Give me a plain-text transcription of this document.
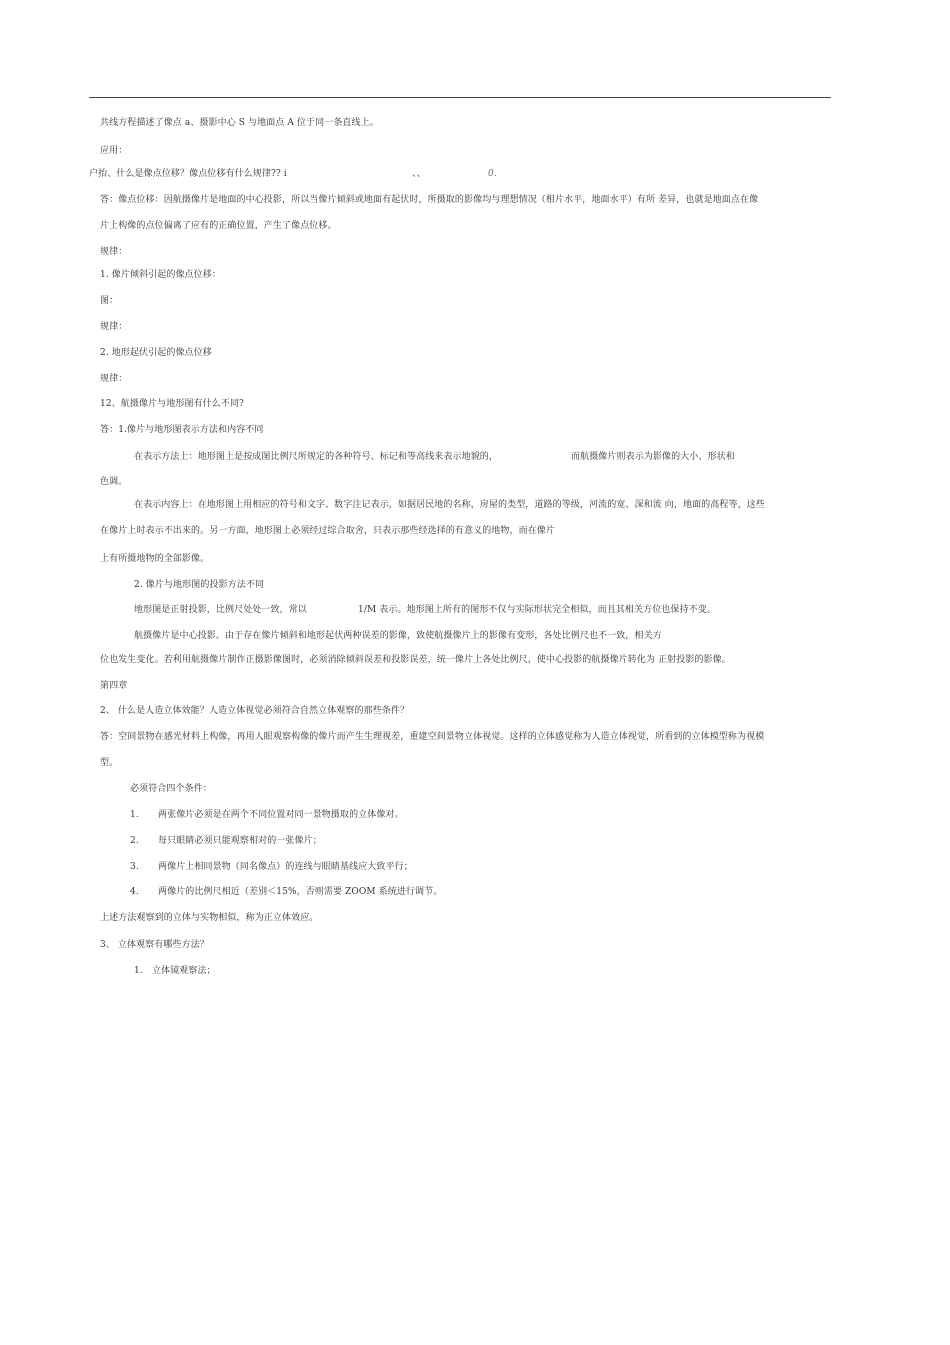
共线方程描述了像点 a、摄影中心 S 与地面点 A 位于同一条直线上。
应用：
户抬、什么是像点位移？像点位移有什么规律?? i	、、	0.
答：像点位移：因航摄像片是地面的中心投影，所以当像片倾斜或地面有起伏时，所摄取的影像均与理想情况（相片水平，地面水平）有所 差异，也就是地面点在像
片上构像的点位偏离了应有的正确位置，产生了像点位移。
规律：
1. 像片倾斜引起的像点位移：
图：
规律：
2. 地形起伏引起的像点位移
规律：
12、航摄像片与地形图有什么不同?
答：1.像片与地形图表示方法和内容不同
在表示方法上：地形图上是按成图比例尺所规定的各种符号、标记和等高线来表示地貌的，	而航摄像片则表示为影像的大小、形状和
色调。
在表示内容上：在地形图上用相应的符号和文字、数字注记表示，如据居民地的名称，房屋的类型，道路的等级，河流的宽、深和流 向，地面的高程等，这些
在像片上时表示不出来的。另一方面，地形图上必须经过综合取舍，只表示那些经选择的有意义的地物，而在像片
上有所摄地物的全部影像。
2. 像片与地形图的投影方法不同
地形图是正射投影，比例尺处处一致，常以	1/M 表示。地形图上所有的图形不仅与实际形状完全相似，而且其相关方位也保持不变。
航摄像片是中心投影。由于存在像片倾斜和地形起伏两种误差的影像，致使航摄像片上的影像有变形，各处比例尺也不一致，相关方
位也发生变化。若利用航摄像片制作正摄影像图时，必须消除倾斜误差和投影误差，统一像片上各处比例尺，使中心投影的航摄像片转化为 正射投影的影像。
第四章
2、 什么是人造立体效能？人造立体视觉必须符合自然立体观察的那些条件？
答：空间景物在感光材料上构像，再用人眼观察构像的像片而产生生理视差，重建空间景物立体视觉。这样的立体感觉称为人造立体视觉，所看到的立体模型称为视模
型。
必须符合四个条件：
1. 两张像片必须是在两个不同位置对同一景物摄取的立体像对。
2. 每只眼睛必须只能观察相对的一张像片；
3. 两像片上相同景物（同名像点）的连线与眼睛基线应大致平行；
4. 两像片的比例尺相近（差别＜15%，否则需要 ZOOM 系统进行调节。
上述方法观察到的立体与实物相似，称为正立体效应。
3、 立体观察有哪些方法？
1. 立体镜观察法；
